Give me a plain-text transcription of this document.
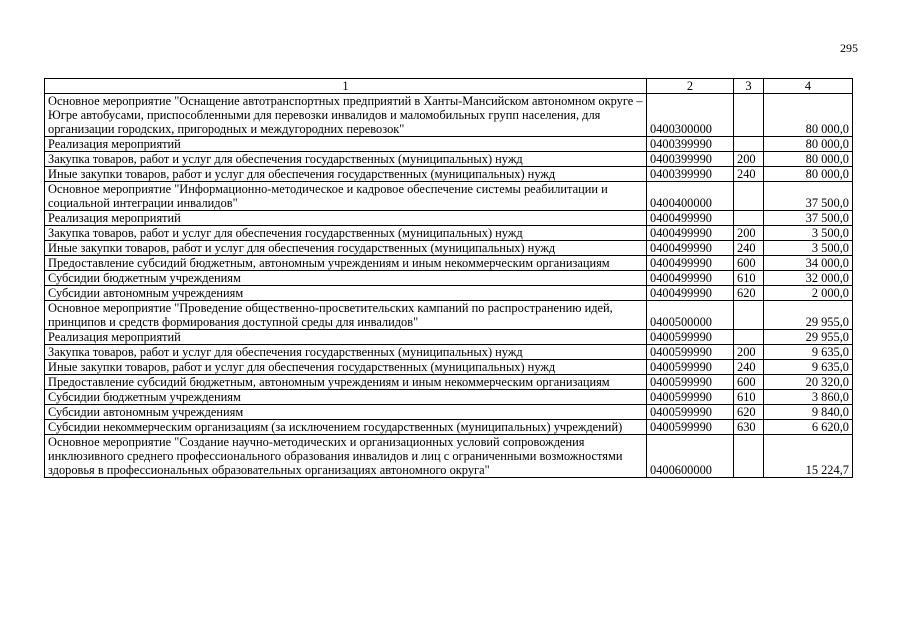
295
1	2	3	4
Основное мероприятие "Оснащение автотранспортных предприятий в Ханты-Мансийском автономном округе – Югре автобусами, приспособленными для перевозки инвалидов и маломобильных групп населения, для организации городских, пригородных и междугородних перевозок"	0400300000		80 000,0
Реализация мероприятий	0400399990		80 000,0
Закупка товаров, работ и услуг для обеспечения государственных (муниципальных) нужд	0400399990	200	80 000,0
Иные закупки товаров, работ и услуг для обеспечения государственных (муниципальных) нужд	0400399990	240	80 000,0
Основное мероприятие "Информационно-методическое и кадровое обеспечение системы реабилитации и социальной интеграции инвалидов"	0400400000		37 500,0
Реализация мероприятий	0400499990		37 500,0
Закупка товаров, работ и услуг для обеспечения государственных (муниципальных) нужд	0400499990	200	3 500,0
Иные закупки товаров, работ и услуг для обеспечения государственных (муниципальных) нужд	0400499990	240	3 500,0
Предоставление субсидий бюджетным, автономным учреждениям и иным некоммерческим организациям	0400499990	600	34 000,0
Субсидии бюджетным учреждениям	0400499990	610	32 000,0
Субсидии автономным учреждениям	0400499990	620	2 000,0
Основное мероприятие "Проведение общественно-просветительских кампаний по распространению идей, принципов и средств формирования доступной среды для инвалидов"	0400500000		29 955,0
Реализация мероприятий	0400599990		29 955,0
Закупка товаров, работ и услуг для обеспечения государственных (муниципальных) нужд	0400599990	200	9 635,0
Иные закупки товаров, работ и услуг для обеспечения государственных (муниципальных) нужд	0400599990	240	9 635,0
Предоставление субсидий бюджетным, автономным учреждениям и иным некоммерческим организациям	0400599990	600	20 320,0
Субсидии бюджетным учреждениям	0400599990	610	3 860,0
Субсидии автономным учреждениям	0400599990	620	9 840,0
Субсидии некоммерческим организациям (за исключением государственных (муниципальных) учреждений)	0400599990	630	6 620,0
Основное мероприятие "Создание научно-методических и организационных условий сопровождения инклюзивного среднего профессионального образования инвалидов и лиц с ограниченными возможностями здоровья в профессиональных образовательных организациях автономного округа"	0400600000		15 224,7
